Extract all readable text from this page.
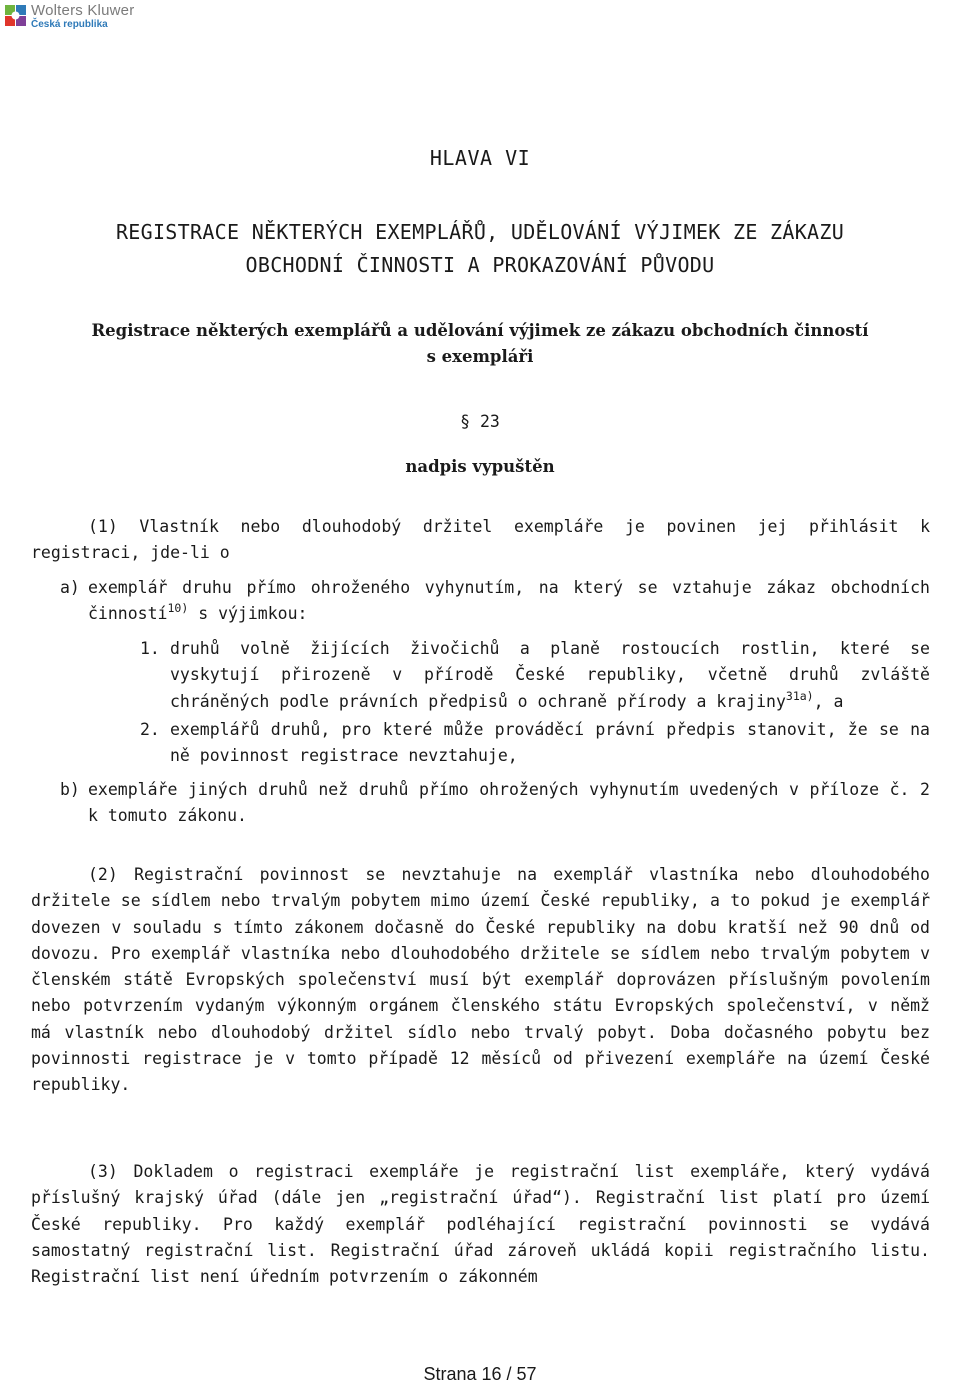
Wolters Kluwer
Česká republika
HLAVA VI
REGISTRACE NĚKTERÝCH EXEMPLÁŘŮ, UDĚLOVÁNÍ VÝJIMEK ZE ZÁKAZU
OBCHODNÍ ČINNOSTI A PROKAZOVÁNÍ PŮVODU
Registrace některých exemplářů a udělování výjimek ze zákazu obchodních činností
s exempláři
§ 23
nadpis vypuštěn
(1) Vlastník nebo dlouhodobý držitel exempláře je povinen jej přihlásit k registraci, jde-li o
a) exemplář druhu přímo ohroženého vyhynutím, na který se vztahuje zákaz obchodních činností$^{10)}$ s výjimkou:
1. druhů volně žijících živočichů a planě rostoucích rostlin, které se vyskytují přirozeně v přírodě České republiky, včetně druhů zvláště chráněných podle právních předpisů o ochraně přírody a krajiny$^{31a)}$, a
2. exemplářů druhů, pro které může prováděcí právní předpis stanovit, že se na ně povinnost registrace nevztahuje,
b) exempláře jiných druhů než druhů přímo ohrožených vyhynutím uvedených v příloze č. 2 k tomuto zákonu.
(2) Registrační povinnost se nevztahuje na exemplář vlastníka nebo dlouhodobého držitele se sídlem nebo trvalým pobytem mimo území České republiky, a to pokud je exemplář dovezen v souladu s tímto zákonem dočasně do České republiky na dobu kratší než 90 dnů od dovozu. Pro exemplář vlastníka nebo dlouhodobého držitele se sídlem nebo trvalým pobytem v členském státě Evropských společenství musí být exemplář doprovázen příslušným povolením nebo potvrzením vydaným výkonným orgánem členského státu Evropských společenství, v němž má vlastník nebo dlouhodobý držitel sídlo nebo trvalý pobyt. Doba dočasného pobytu bez povinnosti registrace je v tomto případě 12 měsíců od přivezení exempláře na území České republiky.
(3) Dokladem o registraci exempláře je registrační list exempláře, který vydává příslušný krajský úřad (dále jen „registrační úřad“). Registrační list platí pro území České republiky. Pro každý exemplář podléhající registrační povinnosti se vydává samostatný registrační list. Registrační úřad zároveň ukládá kopii registračního listu. Registrační list není úředním potvrzením o zákonném
Strana 16 / 57
